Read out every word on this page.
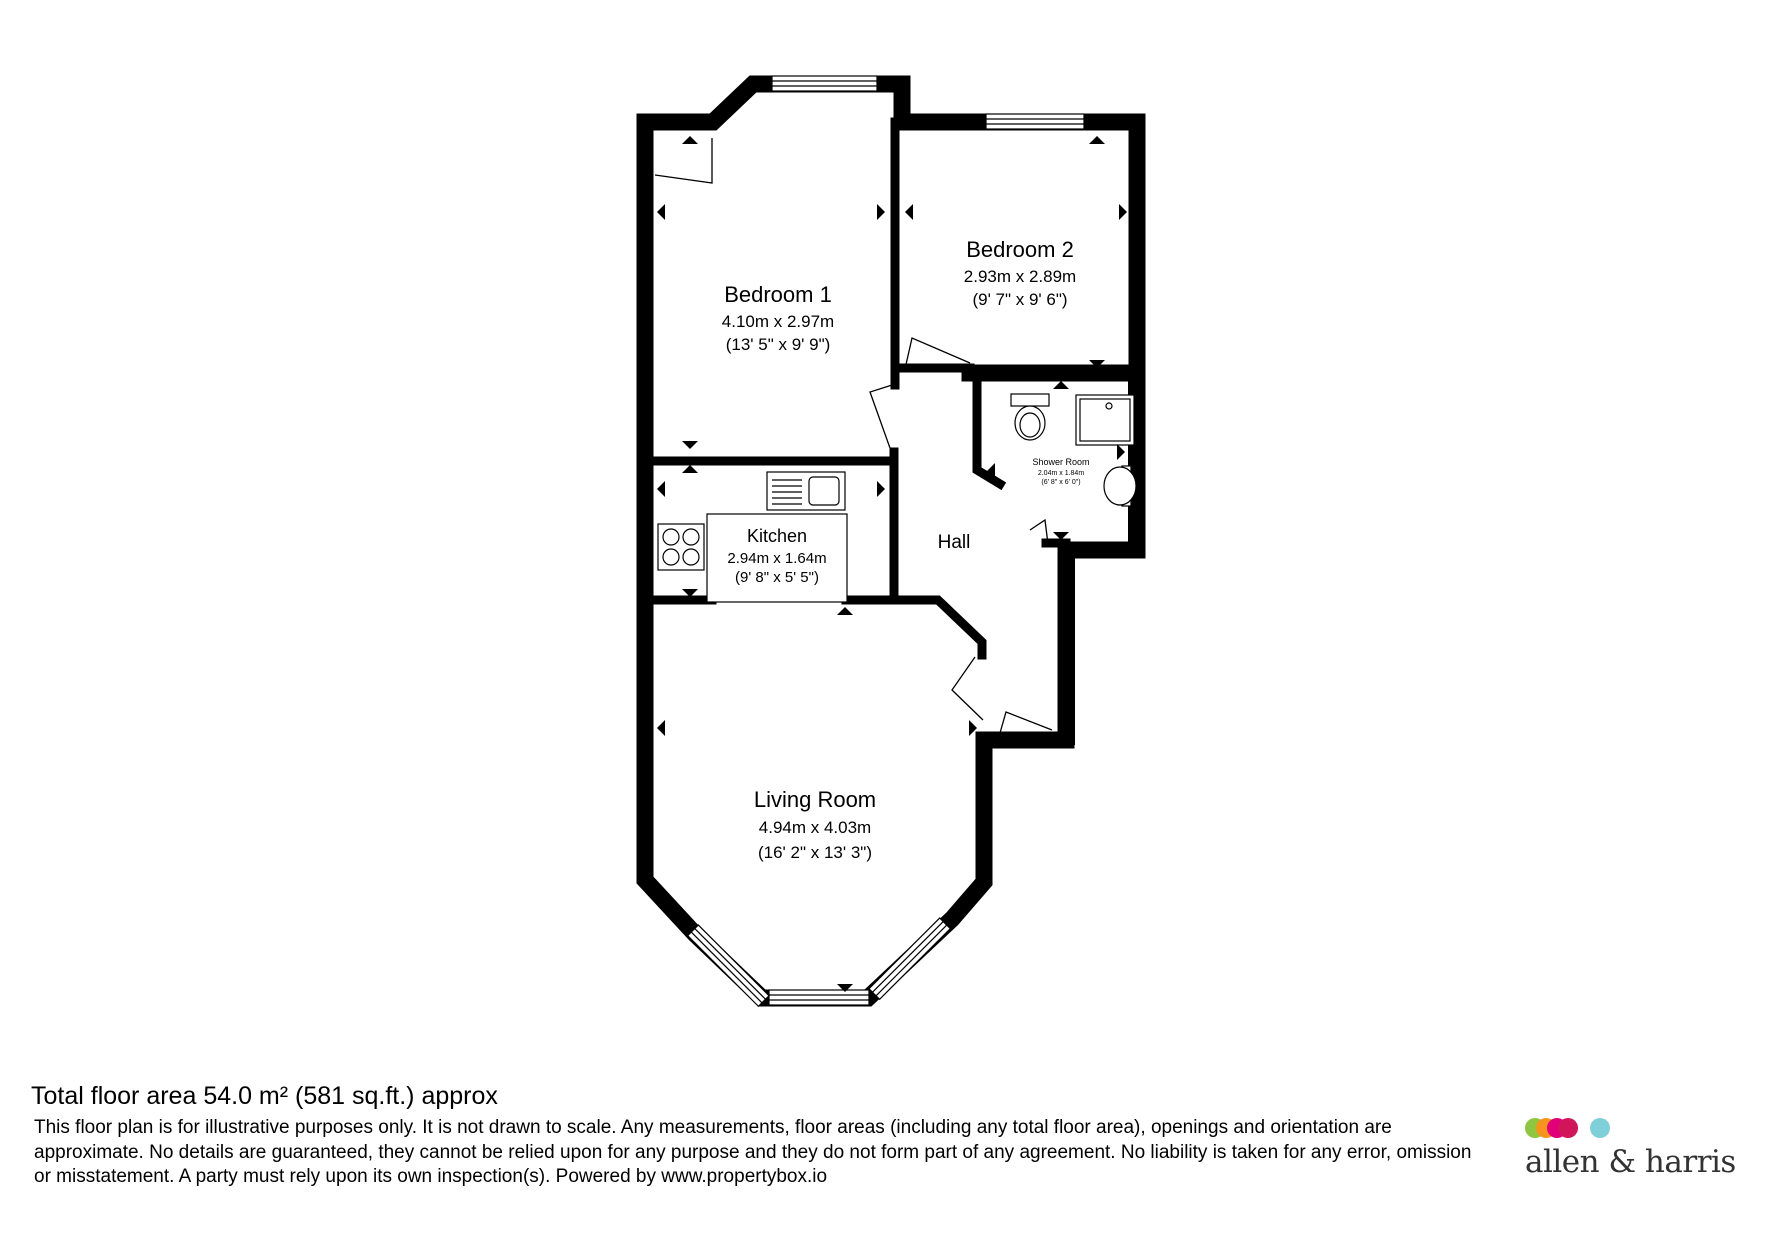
Bedroom 1
4.10m x 2.97m
(13' 5" x 9' 9")
Bedroom 2
2.93m x 2.89m
(9' 7" x 9' 6")
Shower Room
2.04m x 1.84m
(6' 8" x 6' 0")
Kitchen
2.94m x 1.64m
(9' 8" x 5' 5")
Hall
Living Room
4.94m x 4.03m
(16' 2" x 13' 3")
Total floor area 54.0 m² (581 sq.ft.) approx
This floor plan is for illustrative purposes only. It is not drawn to scale. Any measurements, floor areas (including any total floor area), openings and orientation are approximate. No details are guaranteed, they cannot be relied upon for any purpose and they do not form part of any agreement. No liability is taken for any error, omission or misstatement. A party must rely upon its own inspection(s). Powered by www.propertybox.io	allen & harris
